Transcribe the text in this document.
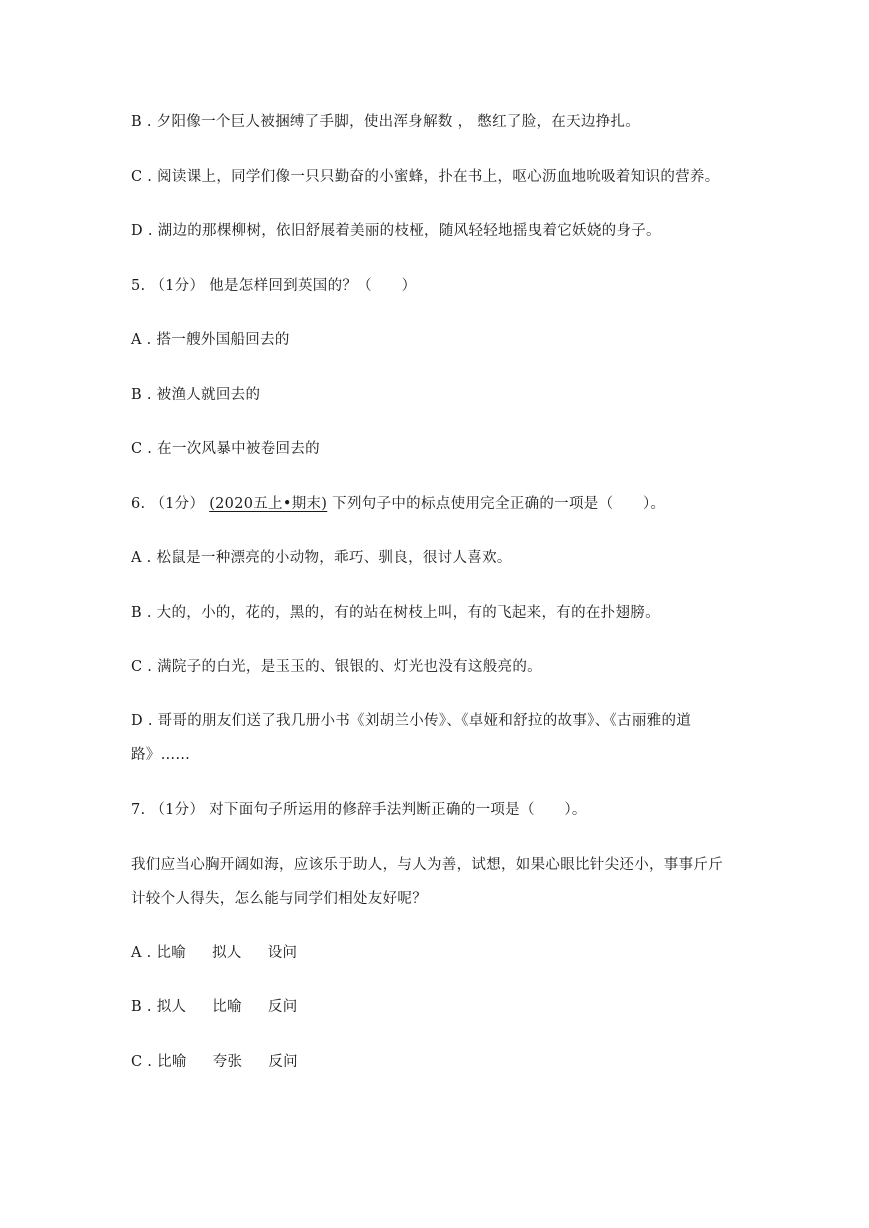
B . 夕阳像一个巨人被捆缚了手脚，使出浑身解数 ， 憋红了脸，在天边挣扎。
C . 阅读课上，同学们像一只只勤奋的小蜜蜂，扑在书上，呕心沥血地吮吸着知识的营养。
D . 湖边的那棵柳树，依旧舒展着美丽的枝桠，随风轻轻地摇曳着它妖娆的身子。
5. （1分） 他是怎样回到英国的？（　　）
A . 搭一艘外国船回去的
B . 被渔人就回去的
C . 在一次风暴中被卷回去的
6. （1分） (2020五上•期末) 下列句子中的标点使用完全正确的一项是（　　）。
A . 松鼠是一种漂亮的小动物，乖巧、驯良，很讨人喜欢。
B . 大的，小的，花的，黑的，有的站在树枝上叫，有的飞起来，有的在扑翅膀。
C . 满院子的白光，是玉玉的、银银的、灯光也没有这般亮的。
D . 哥哥的朋友们送了我几册小书《刘胡兰小传》、《卓娅和舒拉的故事》、《古丽雅的道
路》……
7. （1分） 对下面句子所运用的修辞手法判断正确的一项是（　　）。
我们应当心胸开阔如海，应该乐于助人，与人为善，试想，如果心眼比针尖还小，事事斤斤
计较个人得失，怎么能与同学们相处友好呢？
A . 比喻 拟人 设问
B . 拟人 比喻 反问
C . 比喻 夸张 反问
